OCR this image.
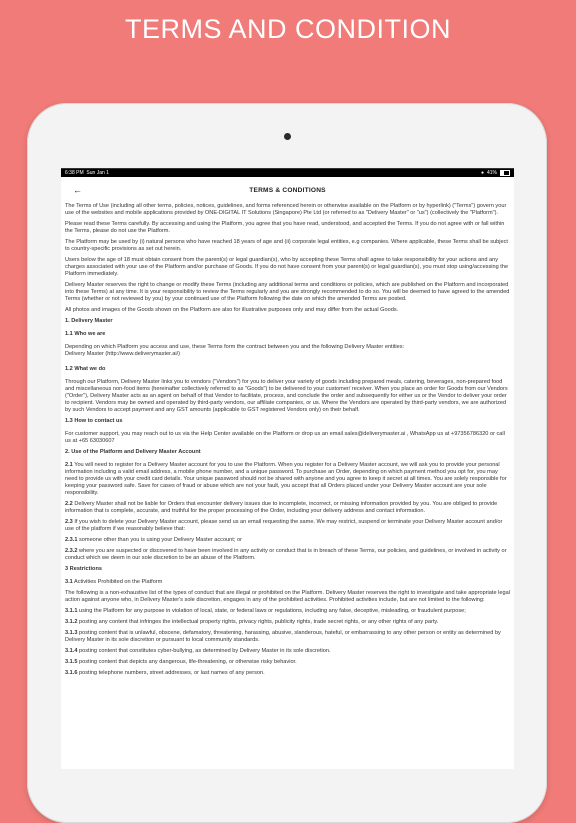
TERMS AND CONDITION
6:38 PM Sun Jan 1	● 41%
←	TERMS & CONDITIONS

The Terms of Use (including all other terms, policies, notices, guidelines, and forms referenced herein or otherwise available on the Platform or by hyperlink) ("Terms") govern your use of the websites and mobile applications provided by ONE-DIGITAL IT Solutions (Singapore) Pte Ltd (or referred to as "Delivery Master" or "us") (collectively the "Platform").

Please read these Terms carefully. By accessing and using the Platform, you agree that you have read, understood, and accepted the Terms. If you do not agree with or fall within the Terms, please do not use the Platform.

The Platform may be used by (i) natural persons who have reached 18 years of age and (ii) corporate legal entities, e.g companies. Where applicable, these Terms shall be subject to country-specific provisions as set out herein.

Users below the age of 18 must obtain consent from the parent(s) or legal guardian(s), who by accepting these Terms shall agree to take responsibility for your actions and any charges associated with your use of the Platform and/or purchase of Goods. If you do not have consent from your parent(s) or legal guardian(s), you must stop using/accessing the Platform immediately.

Delivery Master reserves the right to change or modify these Terms (including any additional terms and conditions or policies, which are published on the Platform and incorporated into these Terms) at any time. It is your responsibility to review the Terms regularly and you are strongly recommended to do so. You will be deemed to have agreed to the amended Terms (whether or not reviewed by you) by your continued use of the Platform following the date on which the amended Terms are posted.

All photos and images of the Goods shown on the Platform are also for illustrative purposes only and may differ from the actual Goods.

1. Delivery Master

1.1 Who we are

Depending on which Platform you access and use, these Terms form the contract between you and the following Delivery Master entities:

Delivery Master (http://www.deliverymaster.ai/)

1.2 What we do

Through our Platform, Delivery Master links you to vendors ("Vendors") for you to deliver your variety of goods including prepared meals, catering, beverages, non-prepared food and miscellaneous non-food items (hereinafter collectively referred to as "Goods") to be delivered to your customer/ receiver. When you place an order for Goods from our Vendors ("Order"), Delivery Master acts as an agent on behalf of that Vendor to facilitate, process, and conclude the order and subsequently for either us or the Vendor to deliver your order to recipient. Vendors may be owned and operated by third-party vendors, our affiliate companies, or us. Where the Vendors are operated by third-party vendors, we are authorized by such Vendors to accept payment and any GST amounts (applicable to GST registered Vendors only) on their behalf.

1.3 How to contact us

For customer support, you may reach out to us via the Help Center available on the Platform or drop us an email sales@deliverymaster.ai , WhatsApp us at +97356786320 or call us at +65 63030607

2. Use of the Platform and Delivery Master Account

2.1 You will need to register for a Delivery Master account for you to use the Platform. When you register for a Delivery Master account, we will ask you to provide your personal information including a valid email address, a mobile phone number, and a unique password. To purchase an Order, depending on which payment method you opt for, you may need to provide us with your credit card details. Your unique password should not be shared with anyone and you agree to keep it secret at all times. You are solely responsible for keeping your password safe. Save for cases of fraud or abuse which are not your fault, you accept that all Orders placed under your Delivery Master account are your sole responsibility.

2.2 Delivery Master shall not be liable for Orders that encounter delivery issues due to incomplete, incorrect, or missing information provided by you. You are obliged to provide information that is complete, accurate, and truthful for the proper processing of the Order, including your delivery address and contact information.

2.3 If you wish to delete your Delivery Master account, please send us an email requesting the same. We may restrict, suspend or terminate your Delivery Master account and/or use of the platform if we reasonably believe that:

2.3.1 someone other than you is using your Delivery Master account; or

2.3.2 where you are suspected or discovered to have been involved in any activity or conduct that is in breach of these Terms, our policies, and guidelines, or involved in activity or conduct which we deem in our sole discretion to be an abuse of the Platform.

3 Restrictions

3.1 Activities Prohibited on the Platform

The following is a non-exhaustive list of the types of conduct that are illegal or prohibited on the Platform. Delivery Master reserves the right to investigate and take appropriate legal action against anyone who, in Delivery Master's sole discretion, engages in any of the prohibited activities. Prohibited activities include, but are not limited to the following:

3.1.1 using the Platform for any purpose in violation of local, state, or federal laws or regulations, including any false, deceptive, misleading, or fraudulent purpose;

3.1.2 posting any content that infringes the intellectual property rights, privacy rights, publicity rights, trade secret rights, or any other rights of any party.

3.1.3 posting content that is unlawful, obscene, defamatory, threatening, harassing, abusive, slanderous, hateful, or embarrassing to any other person or entity as determined by Delivery Master in its sole discretion or pursuant to local community standards.

3.1.4 posting content that constitutes cyber-bullying, as determined by Delivery Master in its sole discretion.

3.1.5 posting content that depicts any dangerous, life-threatening, or otherwise risky behavior.

3.1.6 posting telephone numbers, street addresses, or last names of any person.
